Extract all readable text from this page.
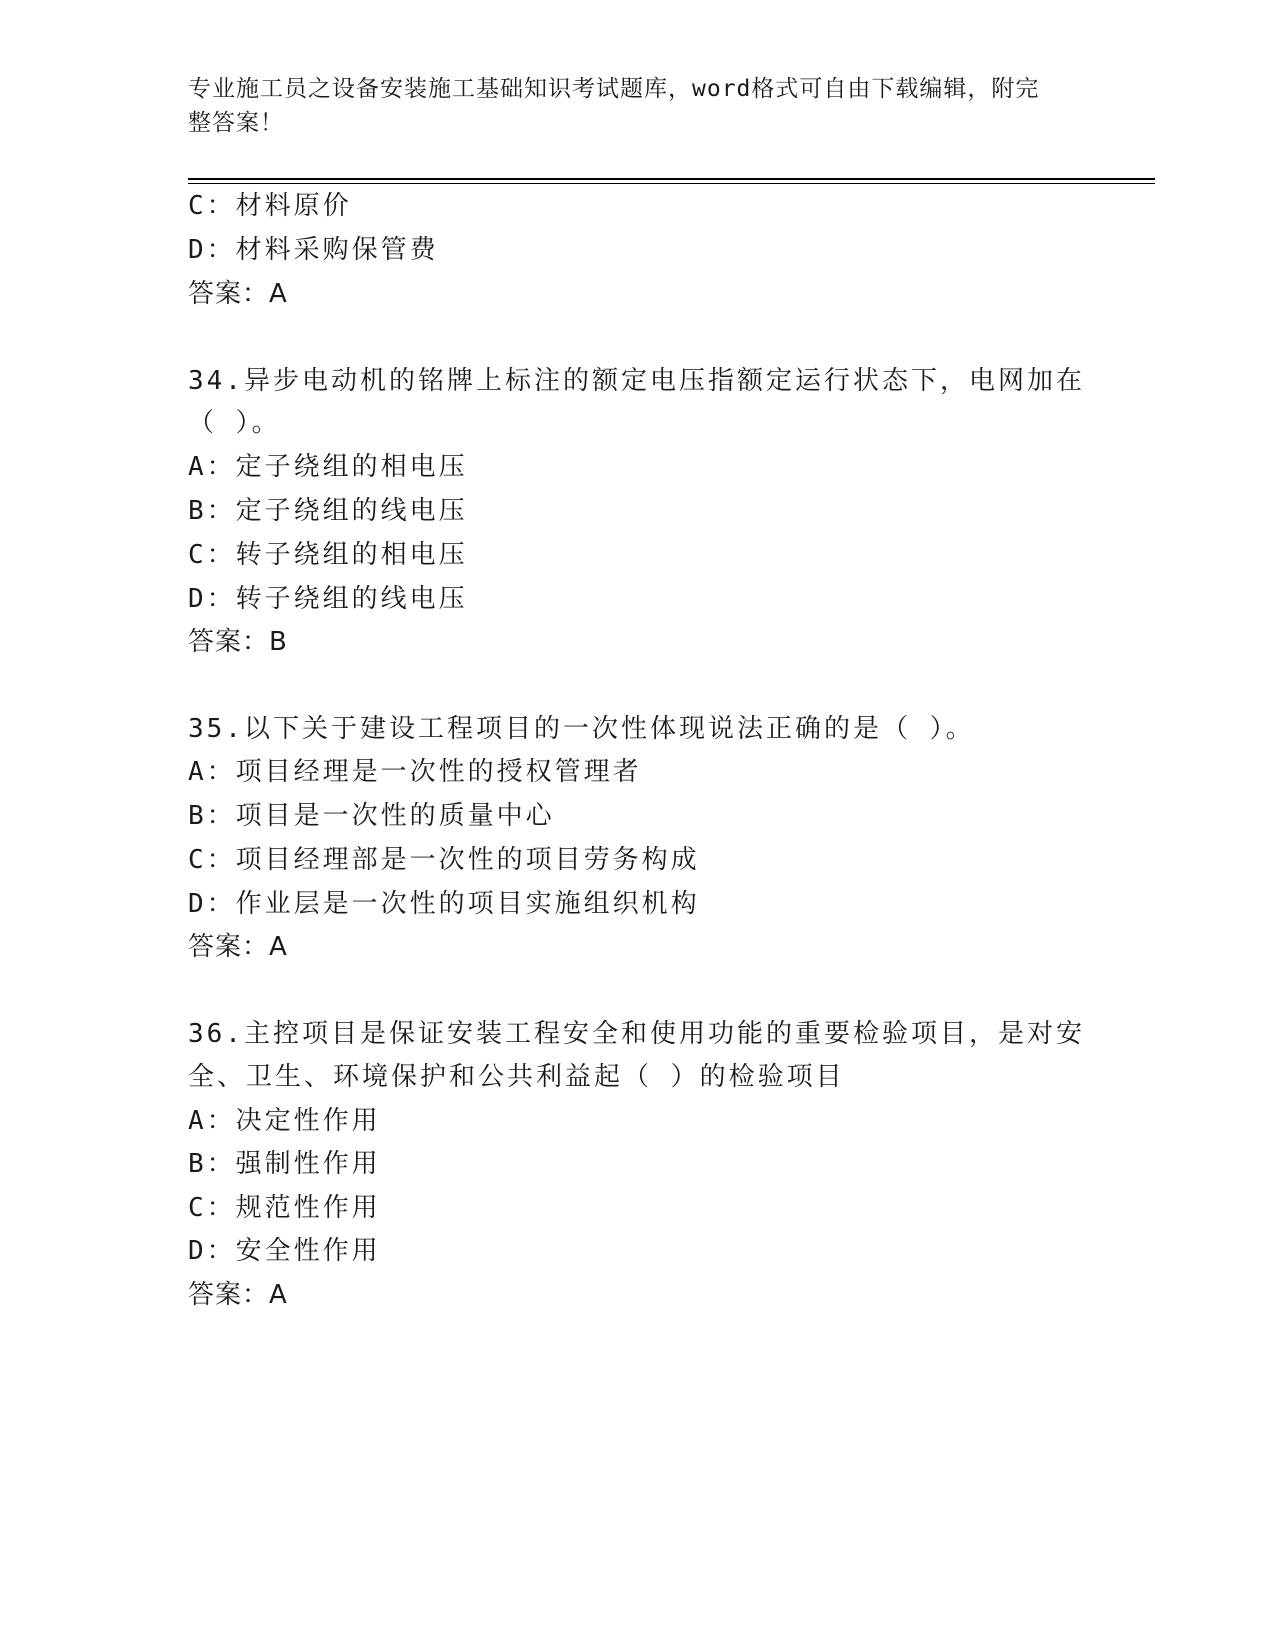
专业施工员之设备安装施工基础知识考试题库，word格式可自由下载编辑，附完
整答案！
C：材料原价
D：材料采购保管费
答案：A
34.异步电动机的铭牌上标注的额定电压指额定运行状态下，电网加在
（ ）。
A：定子绕组的相电压
B：定子绕组的线电压
C：转子绕组的相电压
D：转子绕组的线电压
答案：B
35.以下关于建设工程项目的一次性体现说法正确的是（ ）。
A：项目经理是一次性的授权管理者
B：项目是一次性的质量中心
C：项目经理部是一次性的项目劳务构成
D：作业层是一次性的项目实施组织机构
答案：A
36.主控项目是保证安装工程安全和使用功能的重要检验项目，是对安
全、卫生、环境保护和公共利益起（ ）的检验项目
A：决定性作用
B：强制性作用
C：规范性作用
D：安全性作用
答案：A
